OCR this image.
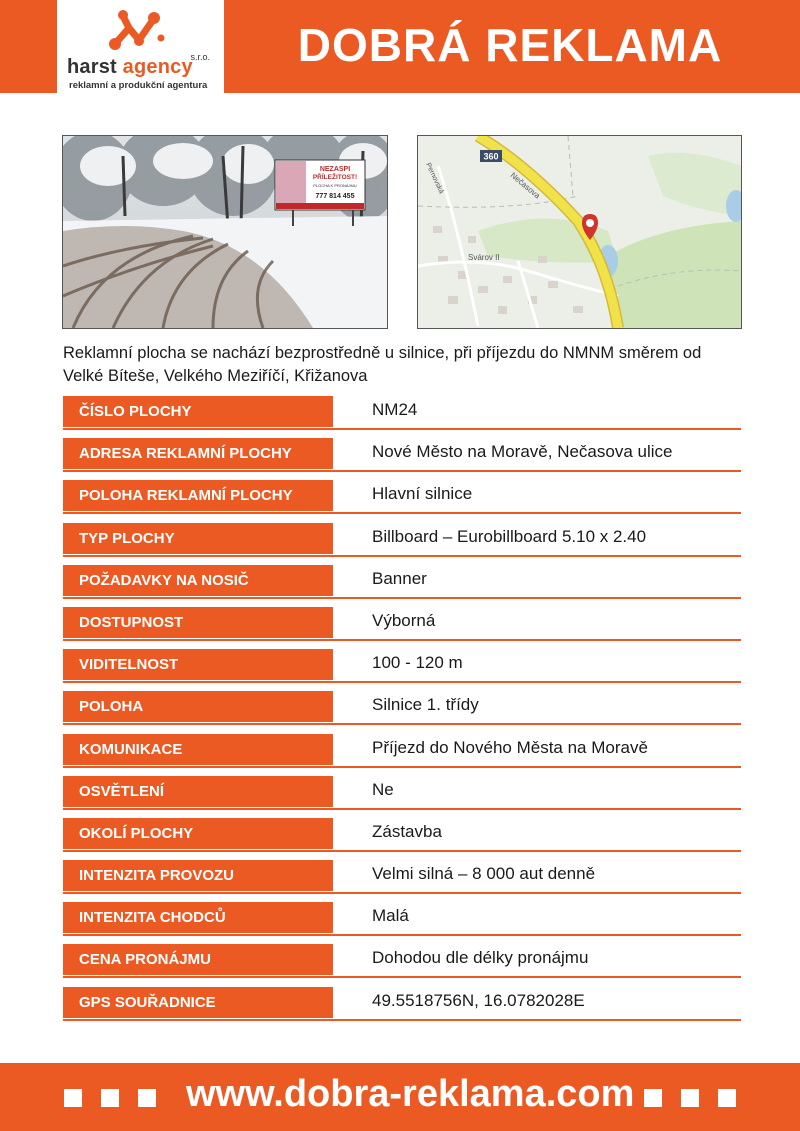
s.r.o.
harst agency
reklamní a produkční agentura
DOBRÁ REKLAMA
NEZASPI
PŘÍLEŽITOST!
PLOCHA K PRONÁJMU
777 814 455
360
Nečasova
Pernovská
Svárov II
Reklamní plocha se nachází bezprostředně u silnice, při příjezdu do NMNM směrem od Velké Bíteše, Velkého Meziříčí, Křižanova
ČÍSLO PLOCHY	NM24
ADRESA REKLAMNÍ PLOCHY	Nové Město na Moravě, Nečasova ulice
POLOHA REKLAMNÍ PLOCHY	Hlavní silnice
TYP PLOCHY	Billboard – Eurobillboard 5.10 x 2.40
POŽADAVKY NA NOSIČ	Banner
DOSTUPNOST	Výborná
VIDITELNOST	100 - 120 m
POLOHA	Silnice 1. třídy
KOMUNIKACE	Příjezd do Nového Města na Moravě
OSVĚTLENÍ	Ne
OKOLÍ PLOCHY	Zástavba
INTENZITA PROVOZU	Velmi silná – 8 000 aut denně
INTENZITA CHODCŮ	Malá
CENA PRONÁJMU	Dohodou dle délky pronájmu
GPS SOUŘADNICE	49.5518756N, 16.0782028E
www.dobra-reklama.com
